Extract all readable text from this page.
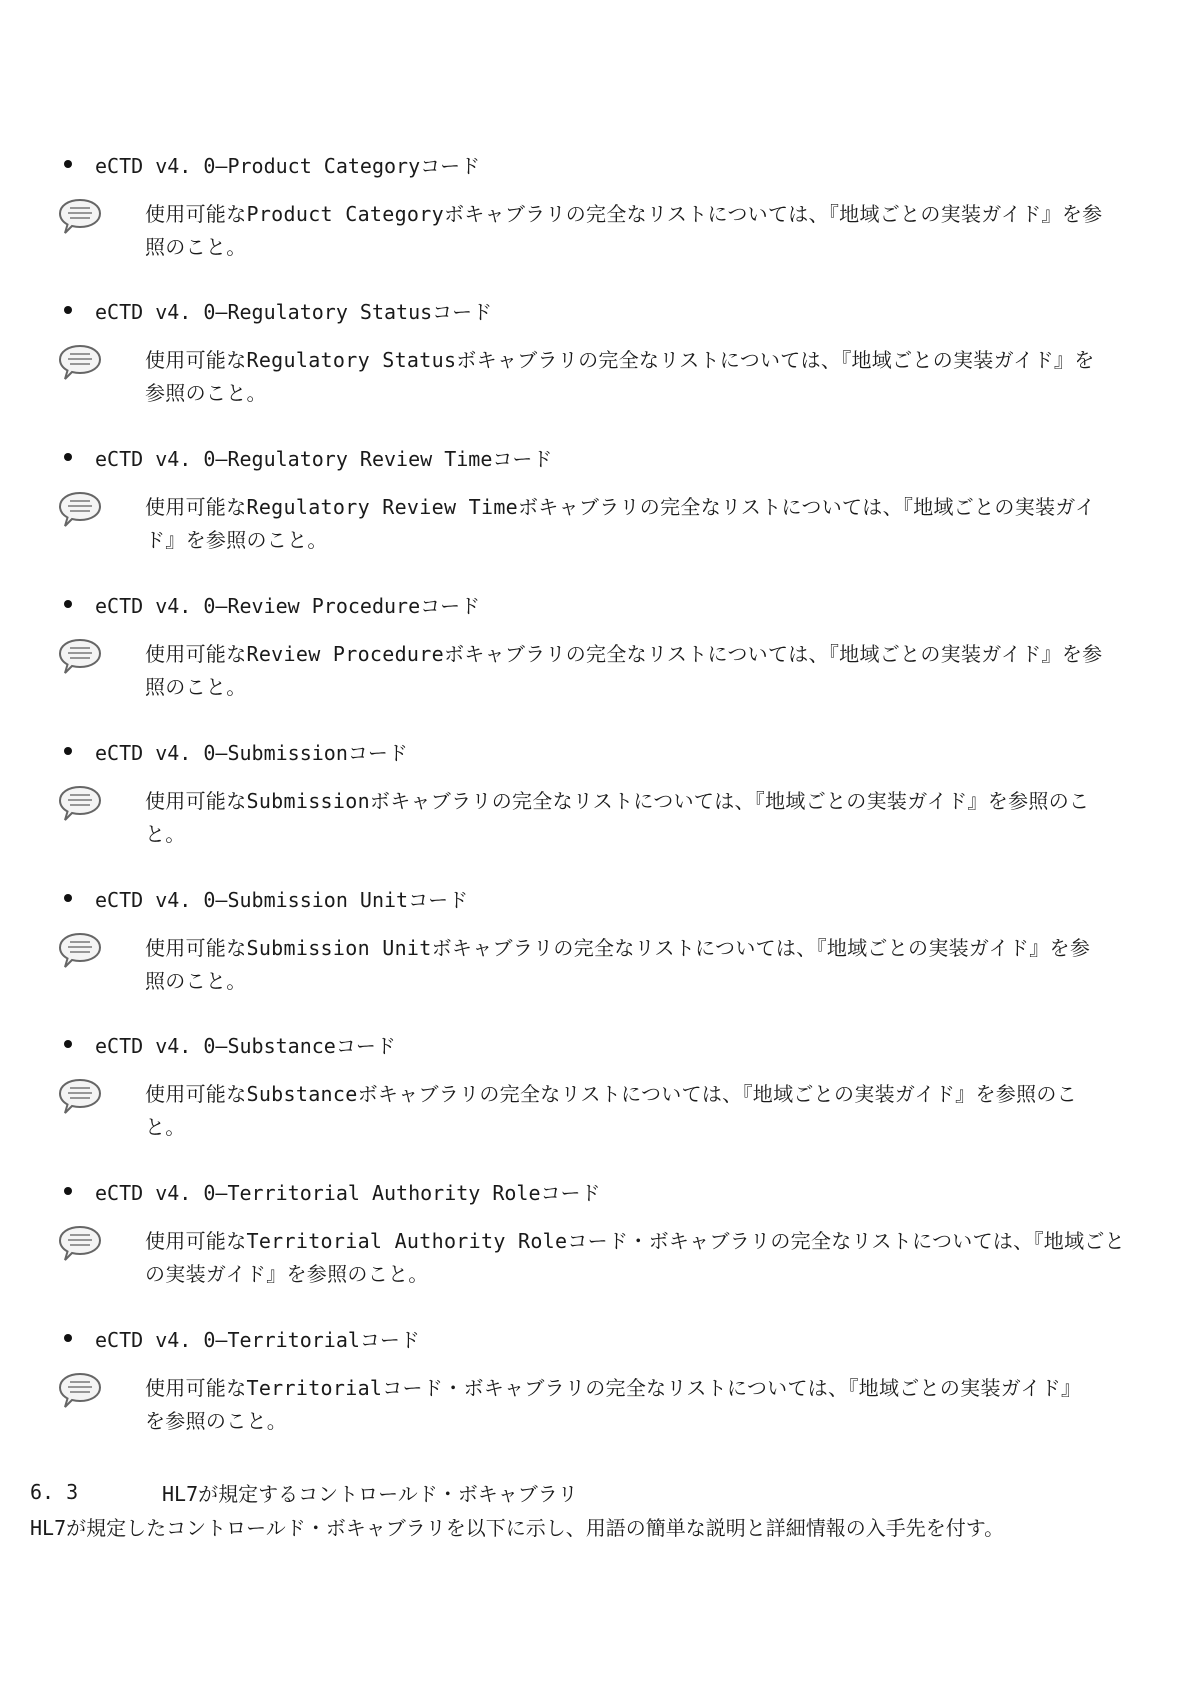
eCTD v4. 0—Product Categoryコード
使用可能なProduct Categoryボキャブラリの完全なリストについては、『地域ごとの実装ガイド』を参
照のこと。
eCTD v4. 0—Regulatory Statusコード
使用可能なRegulatory Statusボキャブラリの完全なリストについては、『地域ごとの実装ガイド』を
参照のこと。
eCTD v4. 0—Regulatory Review Timeコード
使用可能なRegulatory Review Timeボキャブラリの完全なリストについては、『地域ごとの実装ガイ
ド』を参照のこと。
eCTD v4. 0—Review Procedureコード
使用可能なReview Procedureボキャブラリの完全なリストについては、『地域ごとの実装ガイド』を参
照のこと。
eCTD v4. 0—Submissionコード
使用可能なSubmissionボキャブラリの完全なリストについては、『地域ごとの実装ガイド』を参照のこ
と。
eCTD v4. 0—Submission Unitコード
使用可能なSubmission Unitボキャブラリの完全なリストについては、『地域ごとの実装ガイド』を参
照のこと。
eCTD v4. 0—Substanceコード
使用可能なSubstanceボキャブラリの完全なリストについては、『地域ごとの実装ガイド』を参照のこ
と。
eCTD v4. 0—Territorial Authority Roleコード
使用可能なTerritorial Authority Roleコード・ボキャブラリの完全なリストについては、『地域ごと
の実装ガイド』を参照のこと。
eCTD v4. 0—Territorialコード
使用可能なTerritorialコード・ボキャブラリの完全なリストについては、『地域ごとの実装ガイド』
を参照のこと。
6. 3	HL7が規定するコントロールド・ボキャブラリ
HL7が規定したコントロールド・ボキャブラリを以下に示し、用語の簡単な説明と詳細情報の入手先を付す。
